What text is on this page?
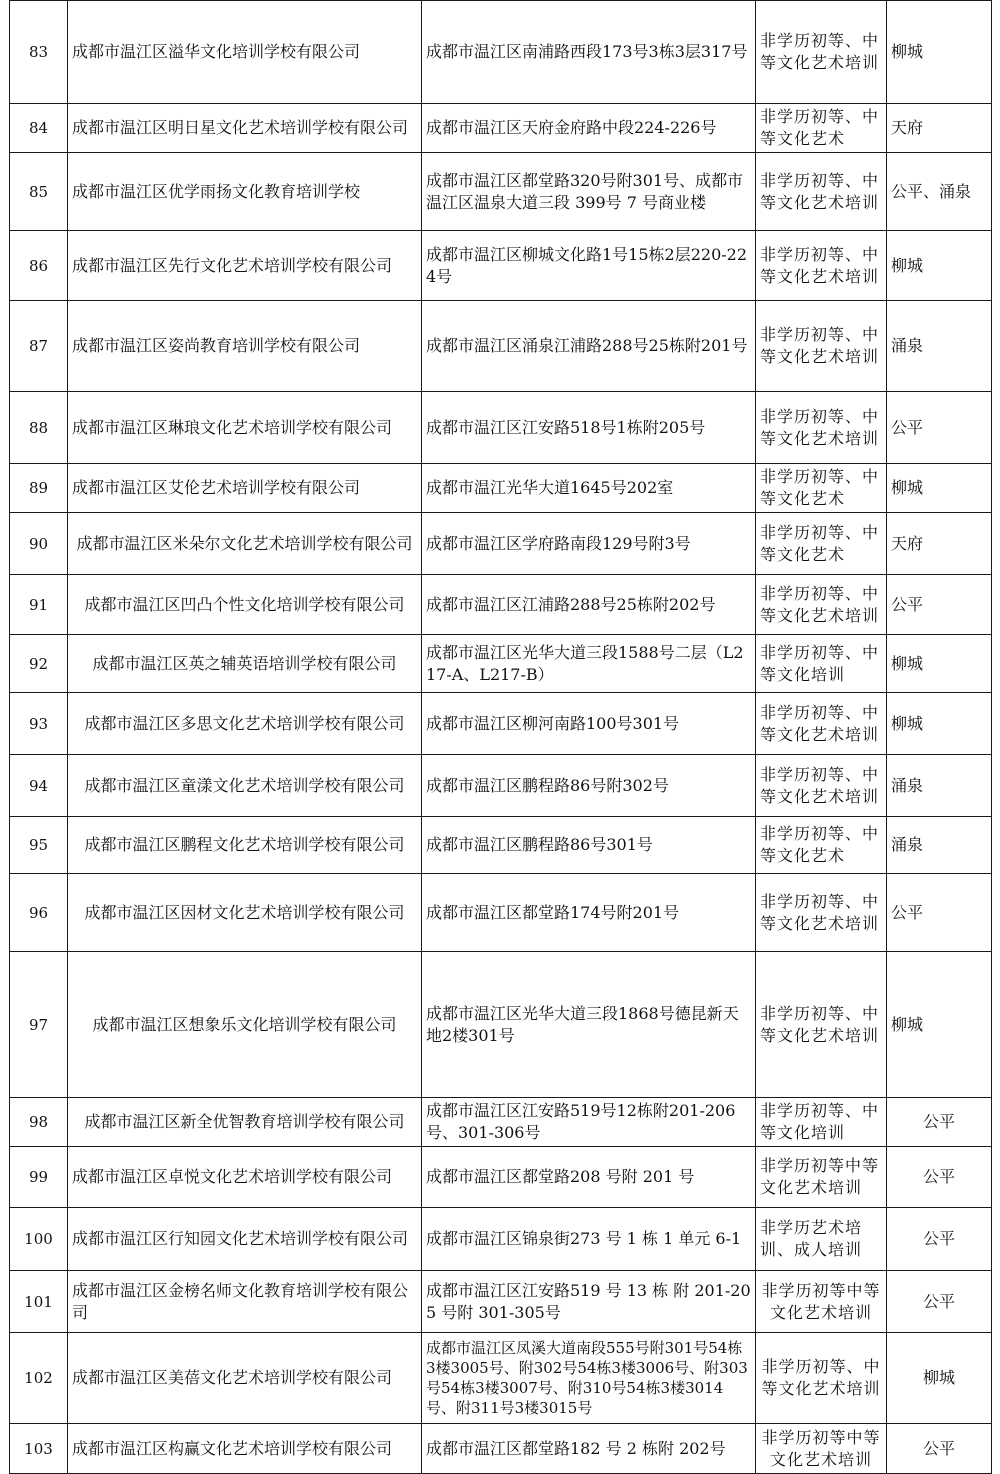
83	成都市温江区溢华文化培训学校有限公司	成都市温江区南浦路西段173号3栋3层317号	非学历初等、中等文化艺术培训	柳城
84	成都市温江区明日星文化艺术培训学校有限公司	成都市温江区天府金府路中段224-226号	非学历初等、中等文化艺术	天府
85	成都市温江区优学雨扬文化教育培训学校	成都市温江区都堂路320号附301号、成都市温江区温泉大道三段 399号 7 号商业楼	非学历初等、中等文化艺术培训	公平、涌泉
86	成都市温江区先行文化艺术培训学校有限公司	成都市温江区柳城文化路1号15栋2层220-224号	非学历初等、中等文化艺术培训	柳城
87	成都市温江区姿尚教育培训学校有限公司	成都市温江区涌泉江浦路288号25栋附201号	非学历初等、中等文化艺术培训	涌泉
88	成都市温江区琳琅文化艺术培训学校有限公司	成都市温江区江安路518号1栋附205号	非学历初等、中等文化艺术培训	公平
89	成都市温江区艾伦艺术培训学校有限公司	成都市温江光华大道1645号202室	非学历初等、中等文化艺术	柳城
90	成都市温江区米朵尔文化艺术培训学校有限公司	成都市温江区学府路南段129号附3号	非学历初等、中等文化艺术	天府
91	成都市温江区凹凸个性文化培训学校有限公司	成都市温江区江浦路288号25栋附202号	非学历初等、中等文化艺术培训	公平
92	成都市温江区英之辅英语培训学校有限公司	成都市温江区光华大道三段1588号二层（L217-A、L217-B）	非学历初等、中等文化培训	柳城
93	成都市温江区多思文化艺术培训学校有限公司	成都市温江区柳河南路100号301号	非学历初等、中等文化艺术培训	柳城
94	成都市温江区童漾文化艺术培训学校有限公司	成都市温江区鹏程路86号附302号	非学历初等、中等文化艺术培训	涌泉
95	成都市温江区鹏程文化艺术培训学校有限公司	成都市温江区鹏程路86号301号	非学历初等、中等文化艺术	涌泉
96	成都市温江区因材文化艺术培训学校有限公司	成都市温江区都堂路174号附201号	非学历初等、中等文化艺术培训	公平
97	成都市温江区想象乐文化培训学校有限公司	成都市温江区光华大道三段1868号德昆新天地2楼301号	非学历初等、中等文化艺术培训	柳城
98	成都市温江区新全优智教育培训学校有限公司	成都市温江区江安路519号12栋附201-206号、301-306号	非学历初等、中等文化培训	公平
99	成都市温江区卓悦文化艺术培训学校有限公司	成都市温江区都堂路208 号附 201 号	非学历初等中等文化艺术培训	公平
100	成都市温江区行知园文化艺术培训学校有限公司	成都市温江区锦泉街273 号 1 栋 1 单元 6-1	非学历艺术培训、成人培训	公平
101	成都市温江区金榜名师文化教育培训学校有限公司	成都市温江区江安路519 号 13 栋 附 201-205 号附 301-305号	非学历初等中等文化艺术培训	公平
102	成都市温江区美蓓文化艺术培训学校有限公司	成都市温江区凤溪大道南段555号附301号54栋3楼3005号、附302号54栋3楼3006号、附303号54栋3楼3007号、附310号54栋3楼3014号、附311号3楼3015号	非学历初等、中等文化艺术培训	柳城
103	成都市温江区构赢文化艺术培训学校有限公司	成都市温江区都堂路182 号 2 栋附 202号	非学历初等中等文化艺术培训	公平
